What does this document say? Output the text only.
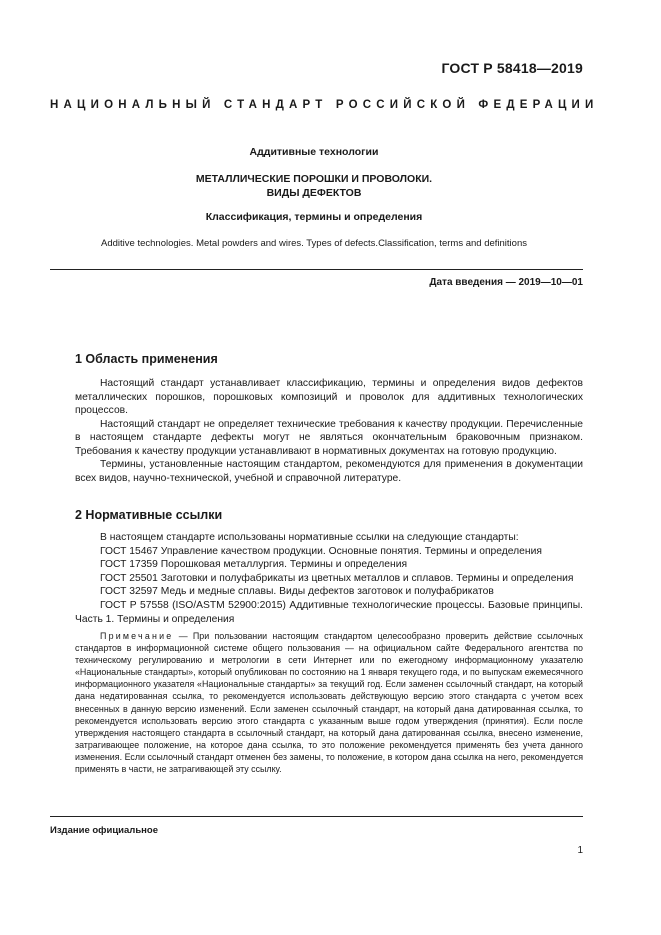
ГОСТ Р 58418—2019
НАЦИОНАЛЬНЫЙ СТАНДАРТ РОССИЙСКОЙ ФЕДЕРАЦИИ
Аддитивные технологии
МЕТАЛЛИЧЕСКИЕ ПОРОШКИ И ПРОВОЛОКИ.
ВИДЫ ДЕФЕКТОВ
Классификация, термины и определения
Additive technologies. Metal powders and wires. Types of defects.Classification, terms and definitions
Дата введения — 2019—10—01
1 Область применения

Настоящий стандарт устанавливает классификацию, термины и определения видов дефектов металлических порошков, порошковых композиций и проволок для аддитивных технологических процессов.

Настоящий стандарт не определяет технические требования к качеству продукции. Перечисленные в настоящем стандарте дефекты могут не являться окончательным браковочным признаком. Требования к качеству продукции устанавливают в нормативных документах на готовую продукцию.

Термины, установленные настоящим стандартом, рекомендуются для применения в документации всех видов, научно-технической, учебной и справочной литературе.

2 Нормативные ссылки

В настоящем стандарте использованы нормативные ссылки на следующие стандарты:

ГОСТ 15467 Управление качеством продукции. Основные понятия. Термины и определения

ГОСТ 17359 Порошковая металлургия. Термины и определения

ГОСТ 25501 Заготовки и полуфабрикаты из цветных металлов и сплавов. Термины и определения

ГОСТ 32597 Медь и медные сплавы. Виды дефектов заготовок и полуфабрикатов

ГОСТ Р 57558 (ISO/ASTM 52900:2015) Аддитивные технологические процессы. Базовые принципы. Часть 1. Термины и определения

Примечание — При пользовании настоящим стандартом целесообразно проверить действие ссылочных стандартов в информационной системе общего пользования — на официальном сайте Федерального агентства по техническому регулированию и метрологии в сети Интернет или по ежегодному информационному указателю «Национальные стандарты», который опубликован по состоянию на 1 января текущего года, и по выпускам ежемесячного информационного указателя «Национальные стандарты» за текущий год. Если заменен ссылочный стандарт, на который дана недатированная ссылка, то рекомендуется использовать действующую версию этого стандарта с учетом всех внесенных в данную версию изменений. Если заменен ссылочный стандарт, на который дана датированная ссылка, то рекомендуется использовать версию этого стандарта с указанным выше годом утверждения (принятия). Если после утверждения настоящего стандарта в ссылочный стандарт, на который дана датированная ссылка, внесено изменение, затрагивающее положение, на которое дана ссылка, то это положение рекомендуется применять без учета данного изменения. Если ссылочный стандарт отменен без замены, то положение, в котором дана ссылка на него, рекомендуется применять в части, не затрагивающей эту ссылку.

Издание официальное
1
